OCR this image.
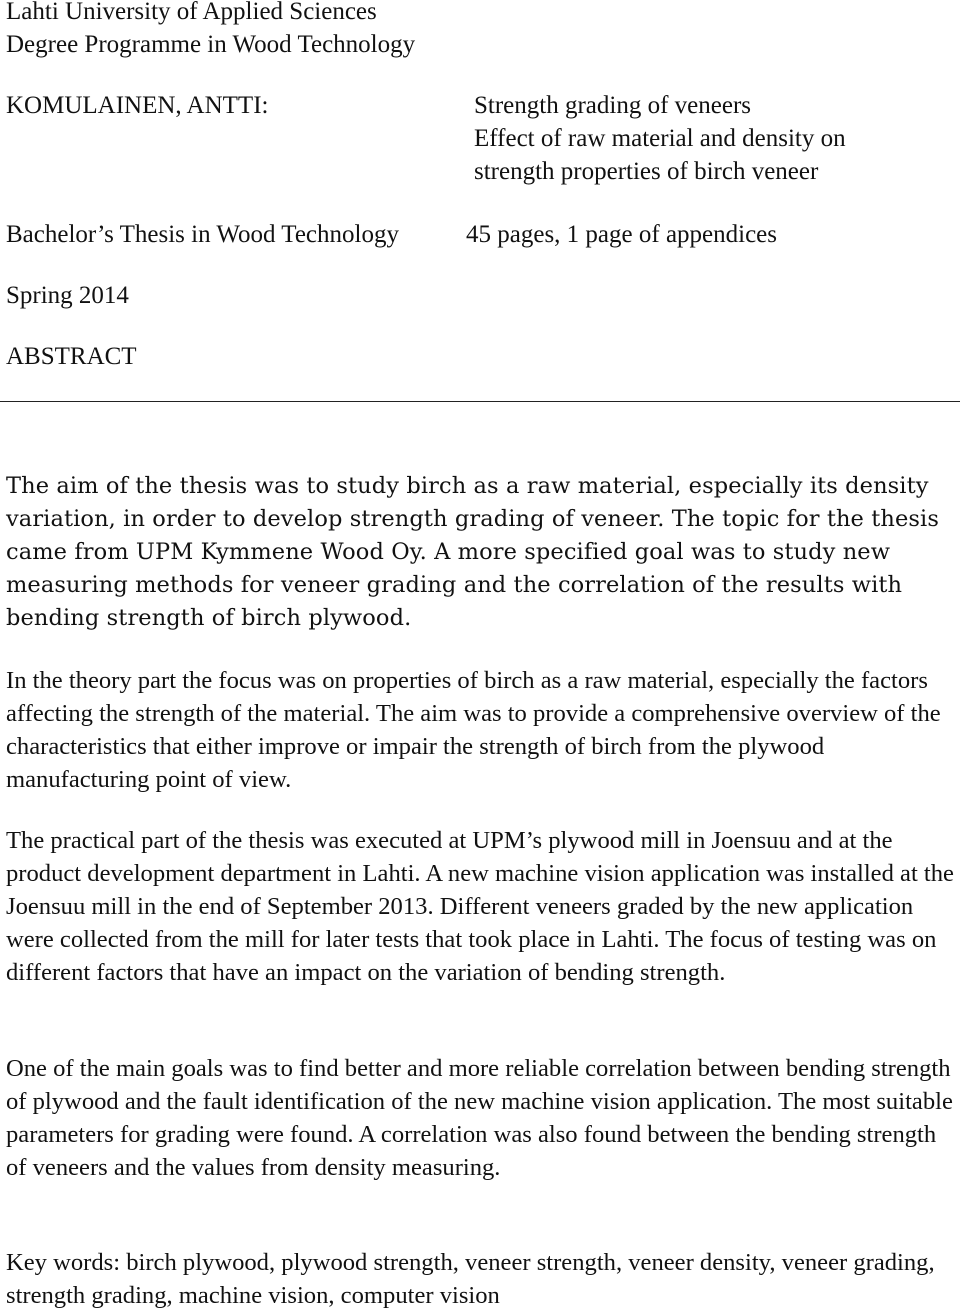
Lahti University of Applied Sciences
Degree Programme in Wood Technology
KOMULAINEN, ANTTI:	Strength grading of veneers
Effect of raw material and density on
strength properties of birch veneer
Bachelor’s Thesis in Wood Technology	45 pages, 1 page of appendices
Spring 2014
ABSTRACT
The aim of the thesis was to study birch as a raw material, especially its density variation, in order to develop strength grading of veneer. The topic for the thesis came from UPM Kymmene Wood Oy. A more specified goal was to study new measuring methods for veneer grading and the correlation of the results with bending strength of birch plywood.
In the theory part the focus was on properties of birch as a raw material, especially the factors affecting the strength of the material. The aim was to provide a comprehensive overview of the characteristics that either improve or impair the strength of birch from the plywood manufacturing point of view.
The practical part of the thesis was executed at UPM’s plywood mill in Joensuu and at the product development department in Lahti. A new machine vision application was installed at the Joensuu mill in the end of September 2013. Different veneers graded by the new application were collected from the mill for later tests that took place in Lahti. The focus of testing was on different factors that have an impact on the variation of bending strength.
One of the main goals was to find better and more reliable correlation between bending strength of plywood and the fault identification of the new machine vision application. The most suitable parameters for grading were found. A correlation was also found between the bending strength of veneers and the values from density measuring.
Key words: birch plywood, plywood strength, veneer strength, veneer density, veneer grading, strength grading, machine vision, computer vision
